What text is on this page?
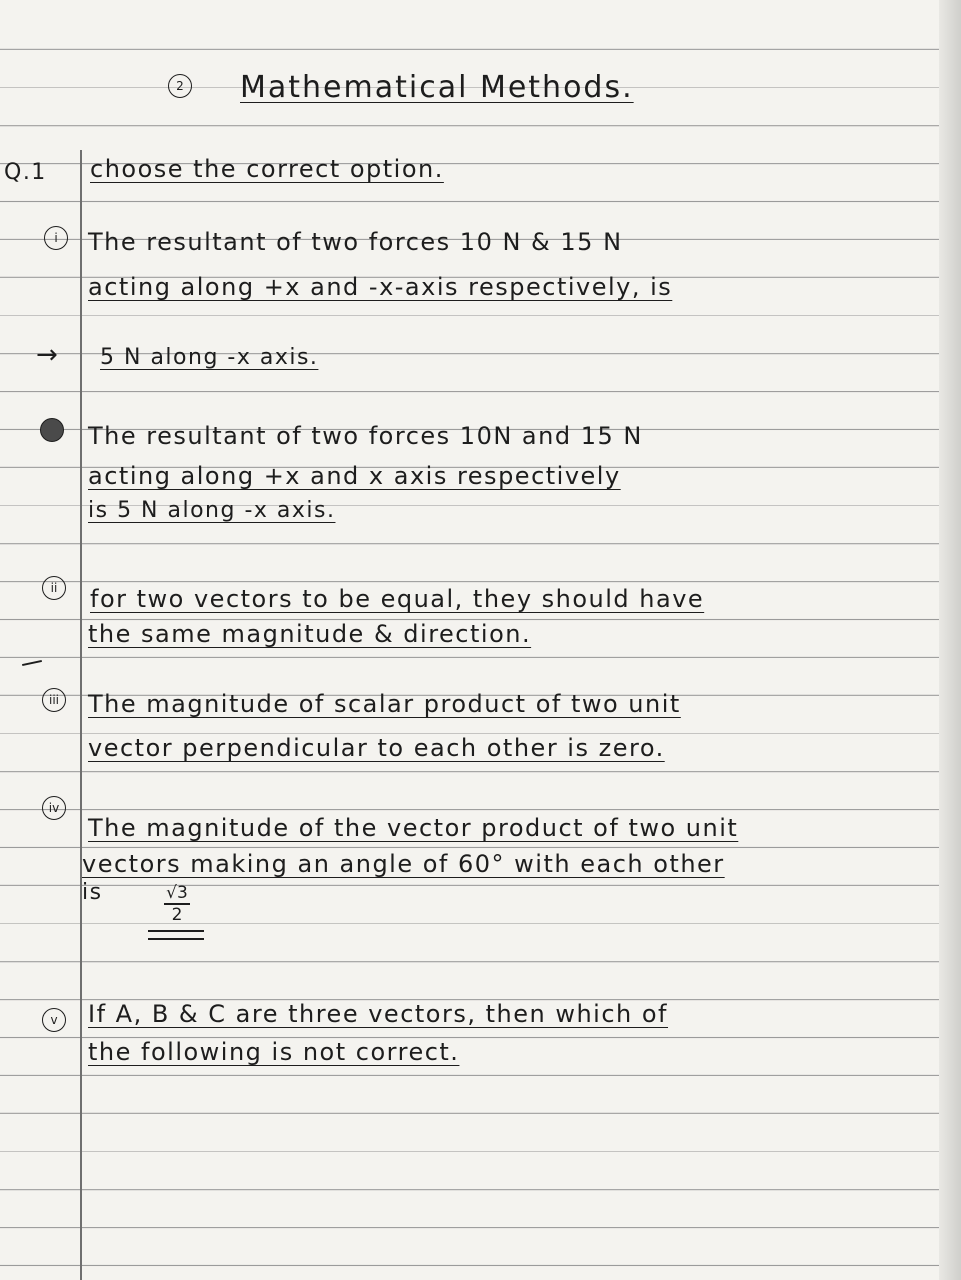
2 Mathematical Methods.
Q.1 choose the correct option.
i	The resultant of two forces 10 N & 15 N
acting along +x and -x-axis respectively, is
→ 5 N along -x axis.
The resultant of two forces 10N and 15 N
acting along +x and x axis respectively
is 5 N along -x axis.
ii	for two vectors to be equal, they should have
the same magnitude & direction.
iii The magnitude of scalar product of two unit
vector perpendicular to each other is zero.
iv
The magnitude of the vector product of two unit
vectors making an angle of 60° with each other
is	√3
2
v	If A, B & C are three vectors, then which of
the following is not correct.
